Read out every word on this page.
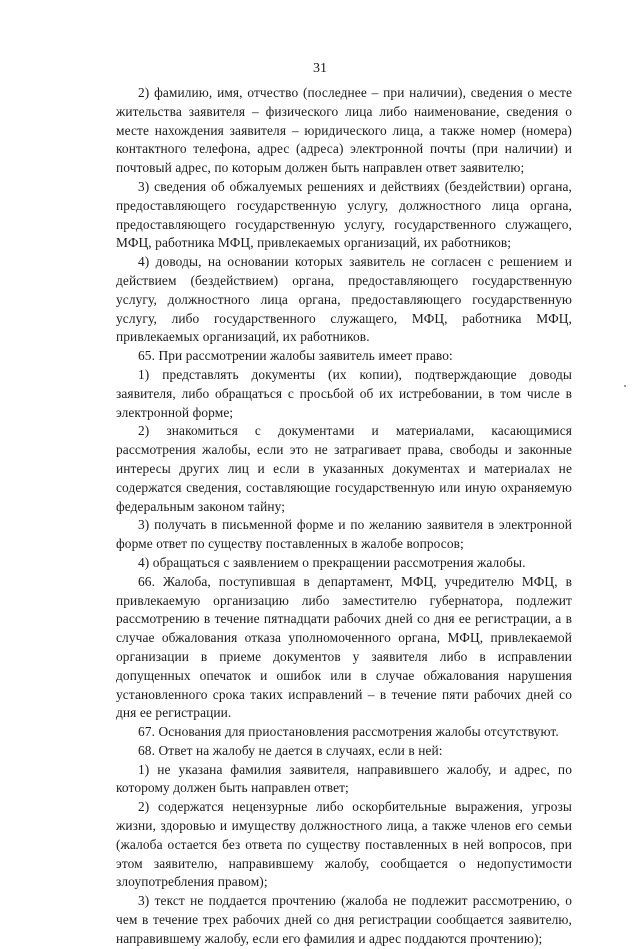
31

2) фамилию, имя, отчество (последнее – при наличии), сведения о месте жительства заявителя – физического лица либо наименование, сведения о месте нахождения заявителя – юридического лица, а также номер (номера) контактного телефона, адрес (адреса) электронной почты (при наличии) и почтовый адрес, по которым должен быть направлен ответ заявителю;

3) сведения об обжалуемых решениях и действиях (бездействии) органа, предоставляющего государственную услугу, должностного лица органа, предоставляющего государственную услугу, государственного служащего, МФЦ, работника МФЦ, привлекаемых организаций, их работников;

4) доводы, на основании которых заявитель не согласен с решением и действием (бездействием) органа, предоставляющего государственную услугу, должностного лица органа, предоставляющего государственную услугу, либо государственного служащего, МФЦ, работника МФЦ, привлекаемых организаций, их работников.

65. При рассмотрении жалобы заявитель имеет право:

1) представлять документы (их копии), подтверждающие доводы заявителя, либо обращаться с просьбой об их истребовании, в том числе в электронной форме;

2) знакомиться с документами и материалами, касающимися рассмотрения жалобы, если это не затрагивает права, свободы и законные интересы других лиц и если в указанных документах и материалах не содержатся сведения, составляющие государственную или иную охраняемую федеральным законом тайну;

3) получать в письменной форме и по желанию заявителя в электронной форме ответ по существу поставленных в жалобе вопросов;

4) обращаться с заявлением о прекращении рассмотрения жалобы.

66. Жалоба, поступившая в департамент, МФЦ, учредителю МФЦ, в привлекаемую организацию либо заместителю губернатора, подлежит рассмотрению в течение пятнадцати рабочих дней со дня ее регистрации, а в случае обжалования отказа уполномоченного органа, МФЦ, привлекаемой организации в приеме документов у заявителя либо в исправлении допущенных опечаток и ошибок или в случае обжалования нарушения установленного срока таких исправлений – в течение пяти рабочих дней со дня ее регистрации.

67. Основания для приостановления рассмотрения жалобы отсутствуют.

68. Ответ на жалобу не дается в случаях, если в ней:

1) не указана фамилия заявителя, направившего жалобу, и адрес, по которому должен быть направлен ответ;

2) содержатся нецензурные либо оскорбительные выражения, угрозы жизни, здоровью и имуществу должностного лица, а также членов его семьи (жалоба остается без ответа по существу поставленных в ней вопросов, при этом заявителю, направившему жалобу, сообщается о недопустимости злоупотребления правом);

3) текст не поддается прочтению (жалоба не подлежит рассмотрению, о чем в течение трех рабочих дней со дня регистрации сообщается заявителю, направившему жалобу, если его фамилия и адрес поддаются прочтению);
